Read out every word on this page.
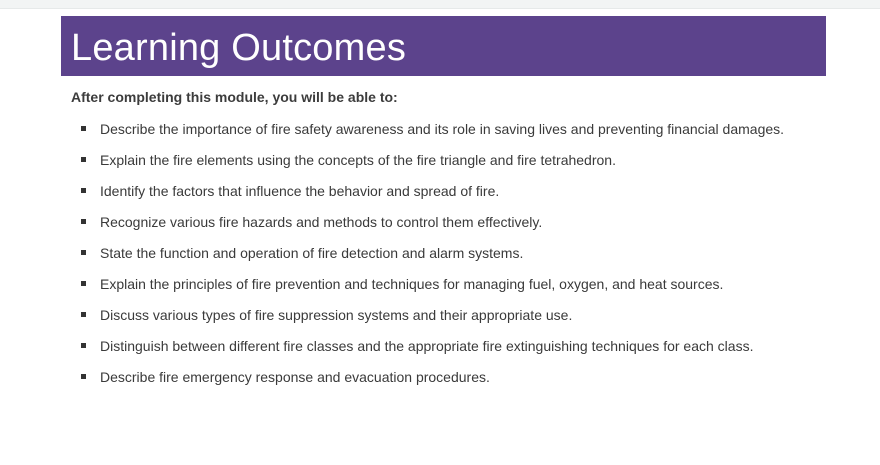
Learning Outcomes
After completing this module, you will be able to:
Describe the importance of fire safety awareness and its role in saving lives and preventing financial damages.
Explain the fire elements using the concepts of the fire triangle and fire tetrahedron.
Identify the factors that influence the behavior and spread of fire.
Recognize various fire hazards and methods to control them effectively.
State the function and operation of fire detection and alarm systems.
Explain the principles of fire prevention and techniques for managing fuel, oxygen, and heat sources.
Discuss various types of fire suppression systems and their appropriate use.
Distinguish between different fire classes and the appropriate fire extinguishing techniques for each class.
Describe fire emergency response and evacuation procedures.
